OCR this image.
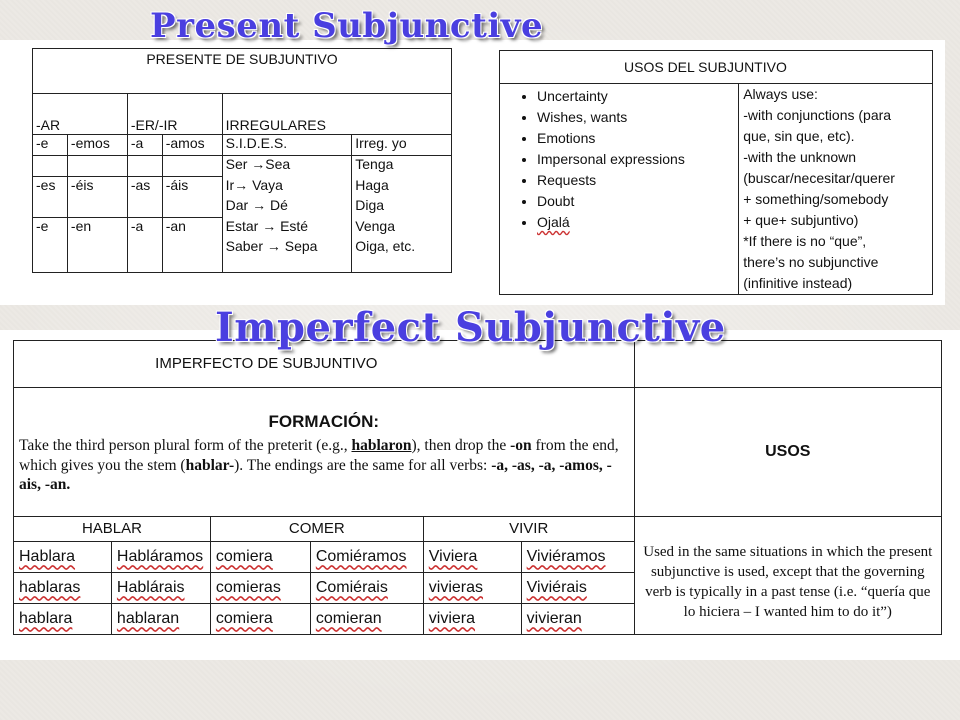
Present Subjunctive
PRESENTE DE SUBJUNTIVO					
-AR		-ER/-IR		IRREGULARES	
-e	-emos	-a	-amos	S.I.D.E.S.	Irreg. yo
				Ser →Sea	Tenga
-es	-éis	-as	-áis	Ir→ Vaya	Haga
				Dar → Dé	Diga
-e	-en	-a	-an	Estar → Esté	Venga
				Saber → Sepa	Oiga, etc.
USOS DEL SUBJUNTIVO

• Uncertainty
• Wishes, wants
• Emotions
• Impersonal expressions
• Requests
• Doubt
• Ojalá

Always use:
-with conjunctions (para
que, sin que, etc).
-with the unknown
(buscar/necesitar/querer
+ something/somebody
+ que+ subjuntivo)
*If there is no “que”,
there’s no subjunctive
(infinitive instead)
IMPERFECTO DE SUBJUNTIVO						

FORMACIÓN:
Take the third person plural form of the preterit (e.g., hablaron), then drop the -on from the end, which gives you the stem (hablar-). The endings are the same for all verbs: -a, -as, -a, -amos, -ais, -an.						USOS
HABLAR		COMER		VIVIR		Used in the same situations in which the present subjunctive is used, except that the governing verb is typically in a past tense (i.e. “quería que lo hiciera – I wanted him to do it”)
Hablara	Habláramos	comiera	Comiéramos	Viviera	Viviéramos	
hablaras	Hablárais	comieras	Comiérais	vivieras	Viviérais	
hablara	hablaran	comiera	comieran	viviera	vivieran	
Imperfect Subjunctive
